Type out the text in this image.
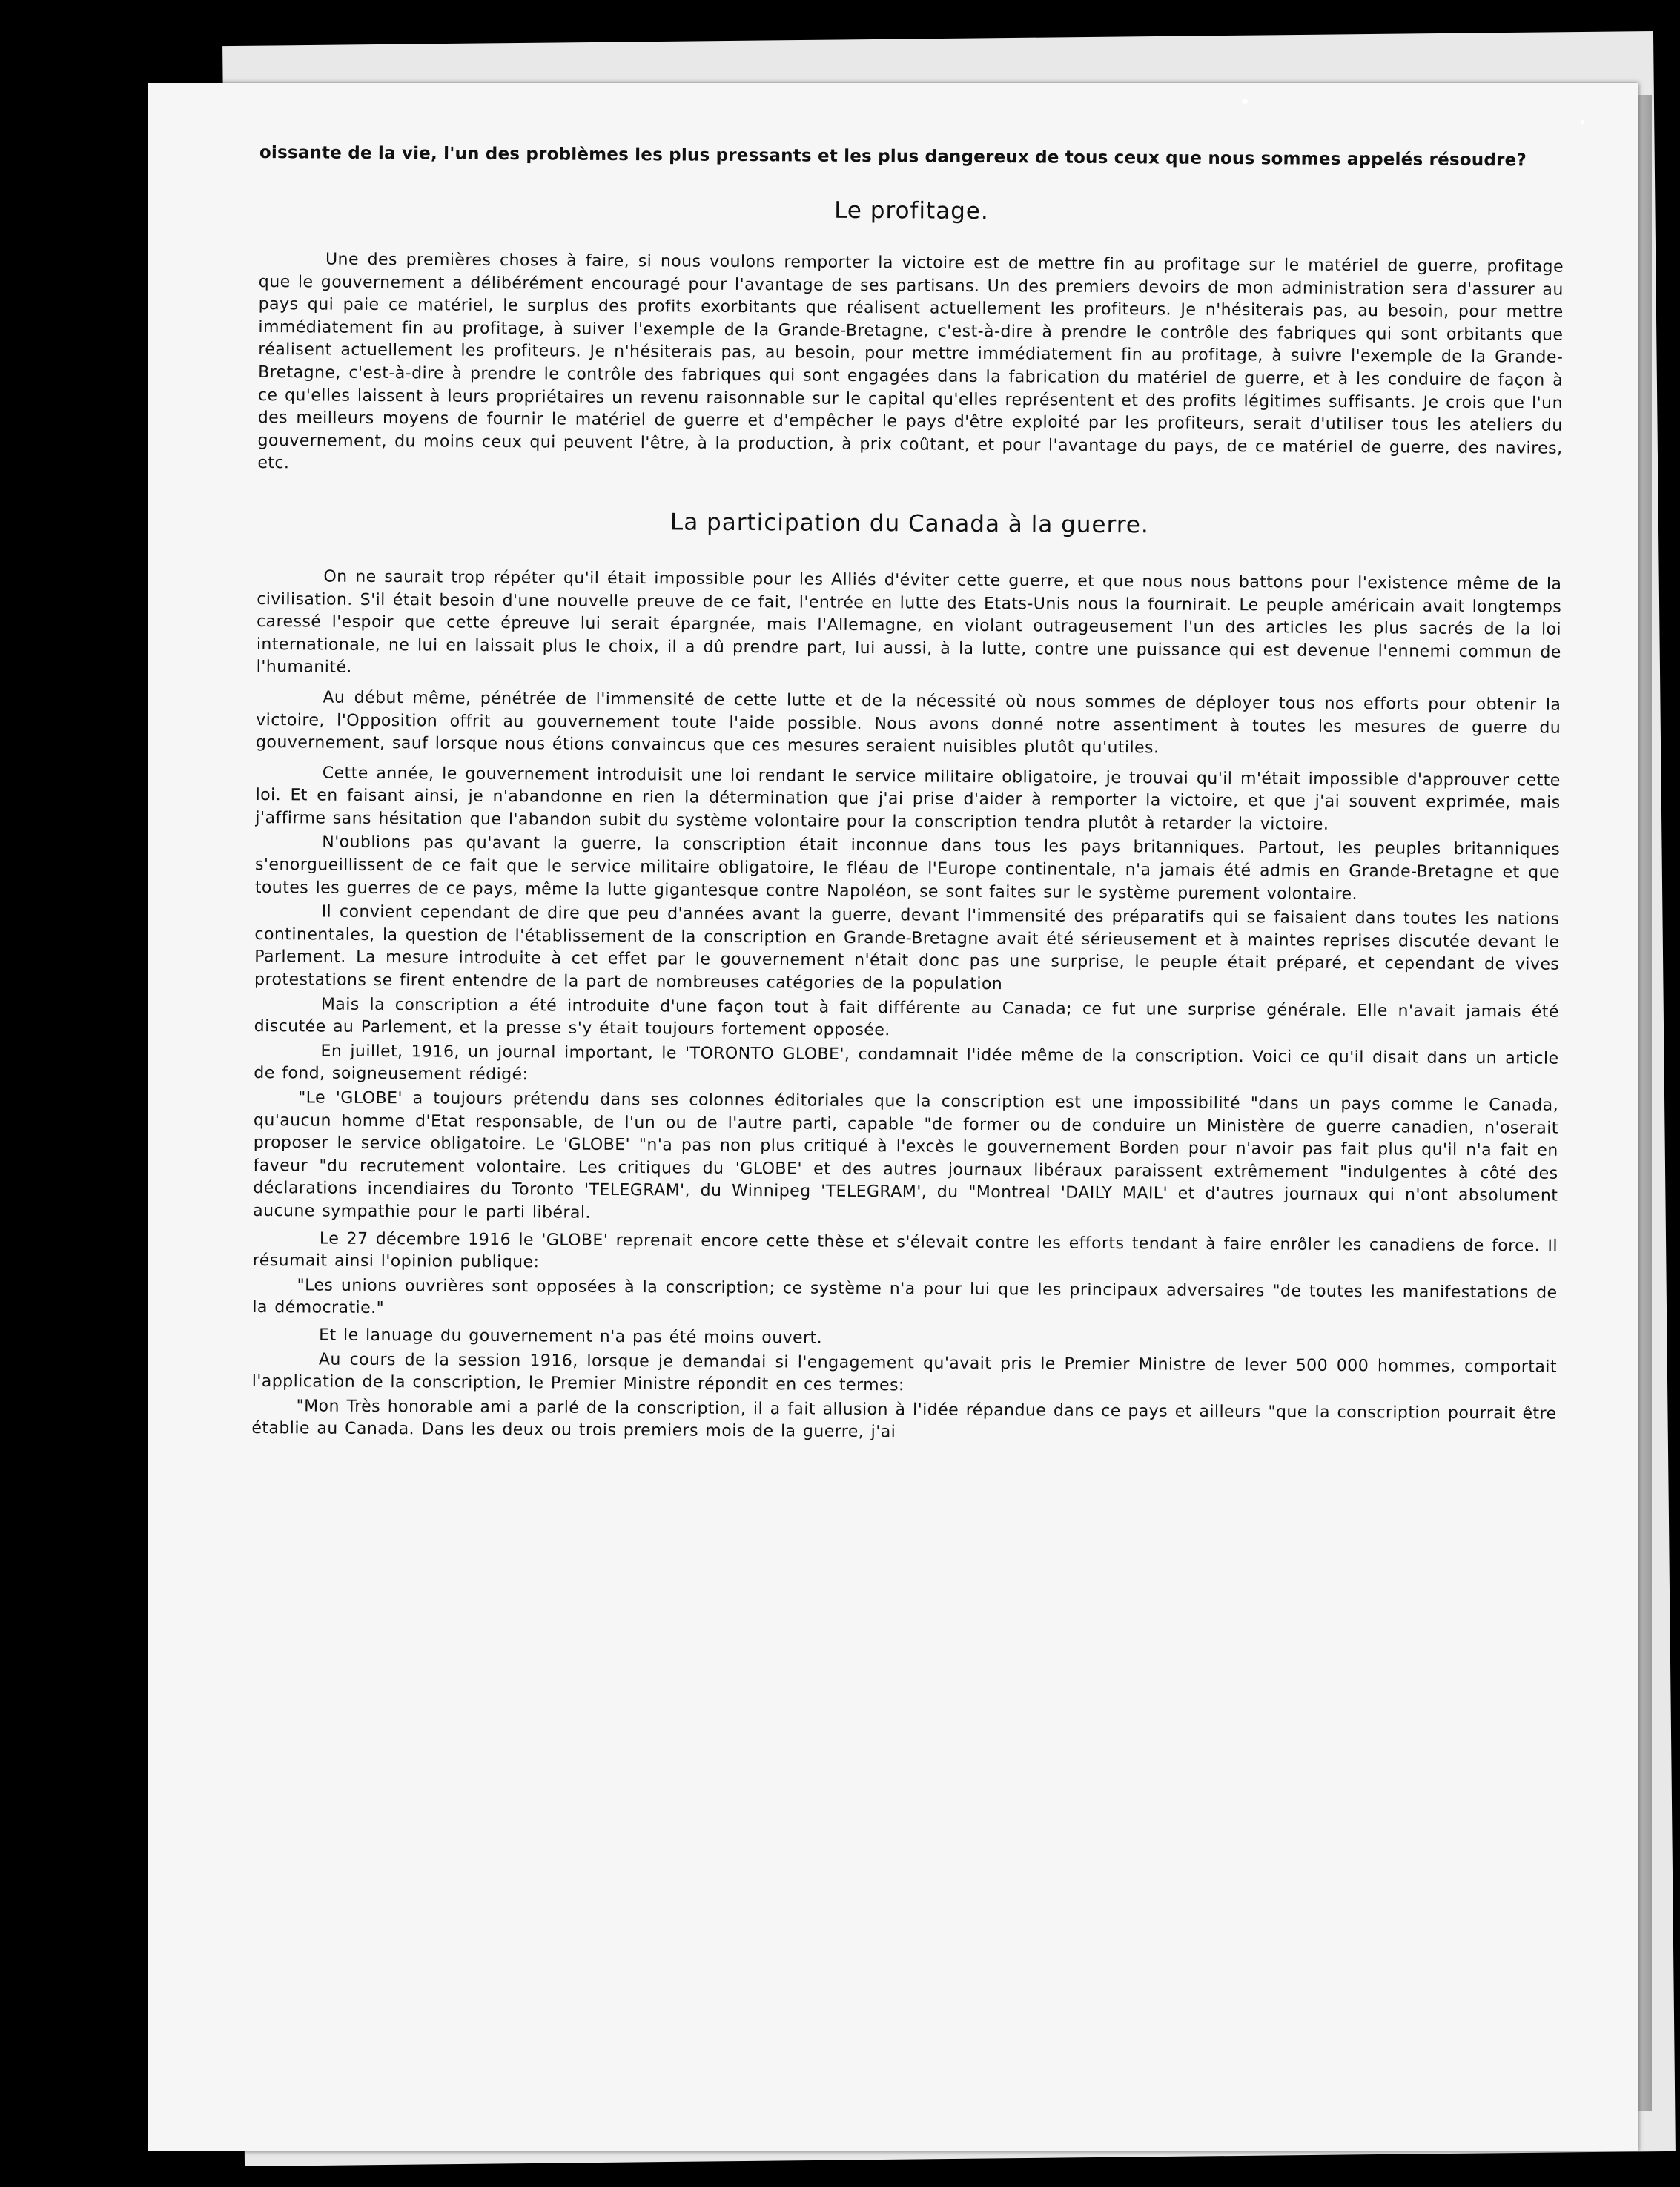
oissante de la vie, l'un des problèmes les plus pressants et les plus dangereux de tous ceux que nous sommes appelés résoudre?

Le profitage.

Une des premières choses à faire, si nous voulons remporter la victoire est de mettre fin au profitage sur le matériel de guerre, profitage que le gouvernement a délibérément encouragé pour l'avantage de ses partisans. Un des premiers devoirs de mon administration sera d'assurer au pays qui paie ce matériel, le surplus des profits exorbitants que réalisent actuellement les profiteurs. Je n'hésiterais pas, au besoin, pour mettre immédiatement fin au profitage, à suiver l'exemple de la Grande-Bretagne, c'est-à-dire à prendre le contrôle des fabriques qui sont orbitants que réalisent actuellement les profiteurs. Je n'hésiterais pas, au besoin, pour mettre immédiatement fin au profitage, à suivre l'exemple de la Grande-Bretagne, c'est-à-dire à prendre le contrôle des fabriques qui sont engagées dans la fabrication du matériel de guerre, et à les conduire de façon à ce qu'elles laissent à leurs propriétaires un revenu raisonnable sur le capital qu'elles représentent et des profits légitimes suffisants. Je crois que l'un des meilleurs moyens de fournir le matériel de guerre et d'empêcher le pays d'être exploité par les profiteurs, serait d'utiliser tous les ateliers du gouvernement, du moins ceux qui peuvent l'être, à la production, à prix coûtant, et pour l'avantage du pays, de ce matériel de guerre, des navires, etc.

La participation du Canada à la guerre.

On ne saurait trop répéter qu'il était impossible pour les Alliés d'éviter cette guerre, et que nous nous battons pour l'existence même de la civilisation. S'il était besoin d'une nouvelle preuve de ce fait, l'entrée en lutte des Etats-Unis nous la fournirait. Le peuple américain avait longtemps caressé l'espoir que cette épreuve lui serait épargnée, mais l'Allemagne, en violant outrageusement l'un des articles les plus sacrés de la loi internationale, ne lui en laissait plus le choix, il a dû prendre part, lui aussi, à la lutte, contre une puissance qui est devenue l'ennemi commun de l'humanité.

Au début même, pénétrée de l'immensité de cette lutte et de la nécessité où nous sommes de déployer tous nos efforts pour obtenir la victoire, l'Opposition offrit au gouvernement toute l'aide possible. Nous avons donné notre assentiment à toutes les mesures de guerre du gouvernement, sauf lorsque nous étions convaincus que ces mesures seraient nuisibles plutôt qu'utiles.

Cette année, le gouvernement introduisit une loi rendant le service militaire obligatoire, je trouvai qu'il m'était impossible d'approuver cette loi. Et en faisant ainsi, je n'abandonne en rien la détermination que j'ai prise d'aider à remporter la victoire, et que j'ai souvent exprimée, mais j'affirme sans hésitation que l'abandon subit du système volontaire pour la conscription tendra plutôt à retarder la victoire.

N'oublions pas qu'avant la guerre, la conscription était inconnue dans tous les pays britanniques. Partout, les peuples britanniques s'enorgueillissent de ce fait que le service militaire obligatoire, le fléau de l'Europe continentale, n'a jamais été admis en Grande-Bretagne et que toutes les guerres de ce pays, même la lutte gigantesque contre Napoléon, se sont faites sur le système purement volontaire.

Il convient cependant de dire que peu d'années avant la guerre, devant l'immensité des préparatifs qui se faisaient dans toutes les nations continentales, la question de l'établissement de la conscription en Grande-Bretagne avait été sérieusement et à maintes reprises discutée devant le Parlement. La mesure introduite à cet effet par le gouvernement n'était donc pas une surprise, le peuple était préparé, et cependant de vives protestations se firent entendre de la part de nombreuses catégories de la population

Mais la conscription a été introduite d'une façon tout à fait différente au Canada; ce fut une surprise générale. Elle n'avait jamais été discutée au Parlement, et la presse s'y était toujours fortement opposée.

En juillet, 1916, un journal important, le 'TORONTO GLOBE', condamnait l'idée même de la conscription. Voici ce qu'il disait dans un article de fond, soigneusement rédigé:

"Le 'GLOBE' a toujours prétendu dans ses colonnes éditoriales que la conscription est une impossibilité "dans un pays comme le Canada, qu'aucun homme d'Etat responsable, de l'un ou de l'autre parti, capable "de former ou de conduire un Ministère de guerre canadien, n'oserait proposer le service obligatoire. Le 'GLOBE' "n'a pas non plus critiqué à l'excès le gouvernement Borden pour n'avoir pas fait plus qu'il n'a fait en faveur "du recrutement volontaire. Les critiques du 'GLOBE' et des autres journaux libéraux paraissent extrêmement "indulgentes à côté des déclarations incendiaires du Toronto 'TELEGRAM', du Winnipeg 'TELEGRAM', du "Montreal 'DAILY MAIL' et d'autres journaux qui n'ont absolument aucune sympathie pour le parti libéral.

Le 27 décembre 1916 le 'GLOBE' reprenait encore cette thèse et s'élevait contre les efforts tendant à faire enrôler les canadiens de force. Il résumait ainsi l'opinion publique:

"Les unions ouvrières sont opposées à la conscription; ce système n'a pour lui que les principaux adversaires "de toutes les manifestations de la démocratie."

Et le lanuage du gouvernement n'a pas été moins ouvert.

Au cours de la session 1916, lorsque je demandai si l'engagement qu'avait pris le Premier Ministre de lever 500 000 hommes, comportait l'application de la conscription, le Premier Ministre répondit en ces termes:

"Mon Très honorable ami a parlé de la conscription, il a fait allusion à l'idée répandue dans ce pays et ailleurs "que la conscription pourrait être établie au Canada. Dans les deux ou trois premiers mois de la guerre, j'ai
